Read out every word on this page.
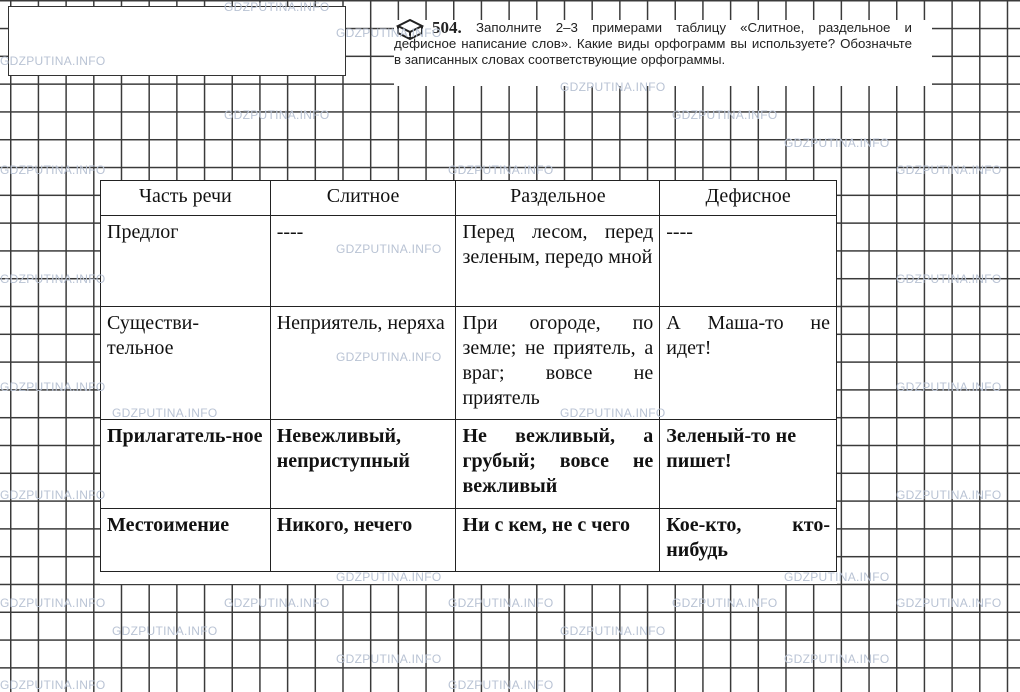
504.	Заполните 2–3 примерами таблицу «Слитное, раздельное и дефисное написание слов». Какие виды орфограмм вы используете? Обозначьте в записанных словах соответствующие орфограммы.
Часть речи	Слитное	Раздельное	Дефисное
Предлог	----	Перед лесом, перед зеленым, передо мной	----
Существи-тельное	Неприятель, неряха	При огороде, по земле; не приятель, а враг; вовсе не приятель	А Маша-то не идет!
Прилагатель-ное	Невежливый, неприступный	Не вежливый, а грубый; вовсе не вежливый	Зеленый-то не пишет!
Местоимение	Никого, нечего	Ни с кем, не с чего	Кое-кто, кто-нибудь
GDZPUTINA.INFO
GDZPUTINA.INFO
GDZPUTINA.INFO
GDZPUTINA.INFO
GDZPUTINA.INFO
GDZPUTINA.INFO	GDZPUTINA.INFO
GDZPUTINA.INFO
GDZPUTINA.INFO
GDZPUTINA.INFO
GDZPUTINA.INFO	GDZPUTINA.INFO
GDZPUTINA.INFO
GDZPUTINA.INFO
GDZPUTINA.INFO
GDZPUTINA.INFO
GDZPUTINA.INFO
GDZPUTINA.INFO	GDZPUTINA.INFO	GDZPUTINA.INFO	GDZPUTINA.INFO	GDZPUTINA.INFO
GDZPUTINA.INFO	GDZPUTINA.INFO
GDZPUTINA.INFO	GDZPUTINA.INFO
GDZPUTINA.INFO	GDZPUTINA.INFO
GDZPUTINA.INFO
GDZPUTINA.INFO
GDZPUTINA.INFO	GDZPUTINA.INFO
GDZPUTINA.INFO
